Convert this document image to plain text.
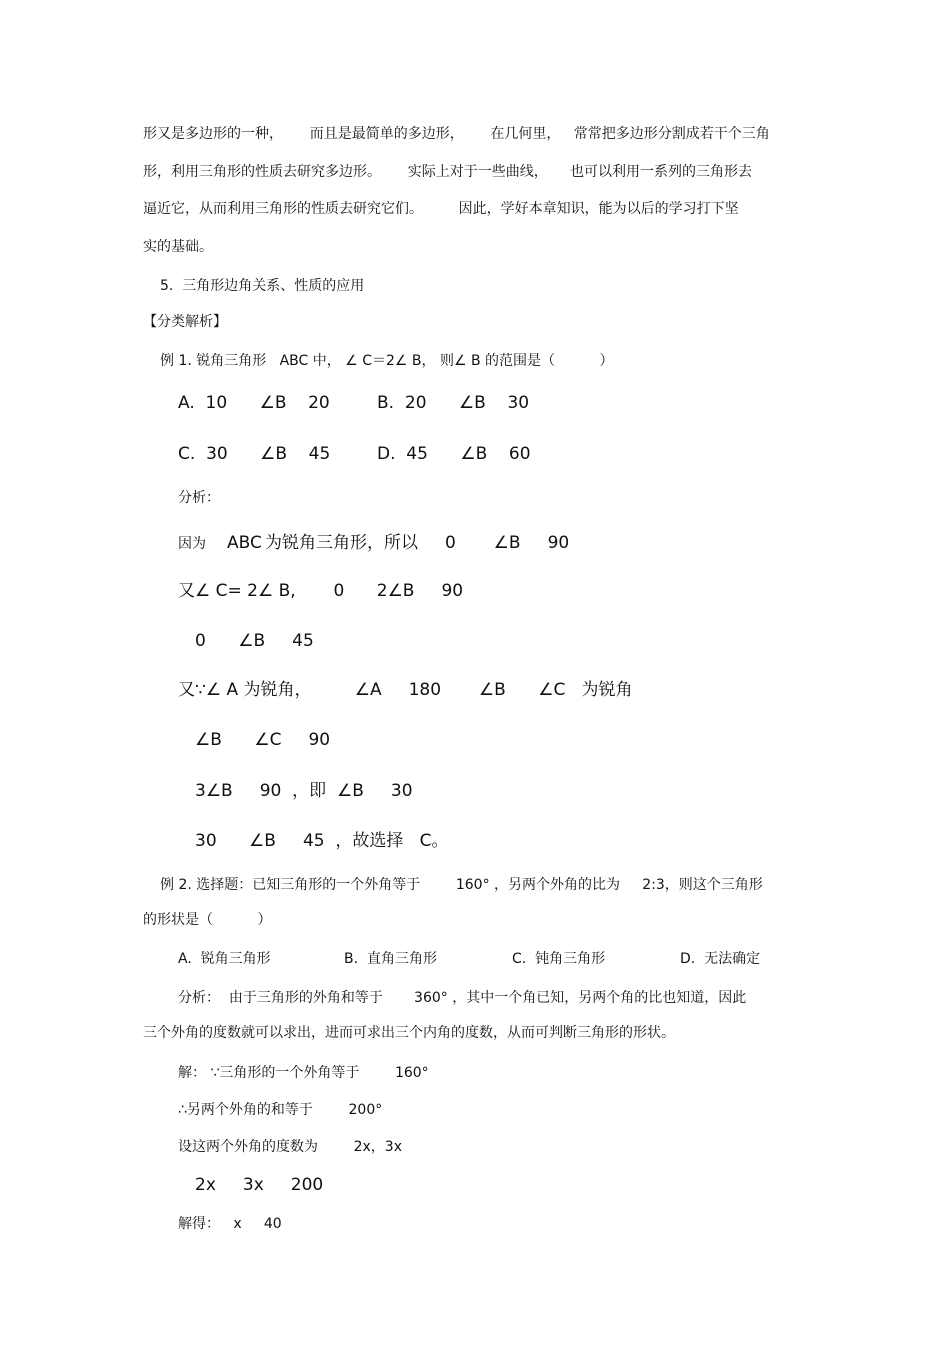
形又是多边形的一种，      而且是最简单的多边形，      在几何里，   常常把多边形分割成若干个三角
形，利用三角形的性质去研究多边形。      实际上对于一些曲线，     也可以利用一系列的三角形去
逼近它，从而利用三角形的性质去研究它们。        因此，学好本章知识，能为以后的学习打下坚
实的基础。
5.  三角形边角关系、性质的应用
【分类解析】
例 1. 锐角三角形   ABC 中， ∠ C＝2∠ B， 则∠ B 的范围是（          ）
A.  10      ∠B    20	B.  20      ∠B    30
C.  30      ∠B    45	D.  45      ∠B    60
分析：
因为 ABC 为锐角三角形，所以     0       ∠B     90
又∠ C= 2∠ B,       0      2∠B     90
0      ∠B     45
又∵∠ A 为锐角，        ∠A     180       ∠B      ∠C   为锐角
∠B      ∠C     90
3∠B     90  ，即  ∠B     30
30      ∠B     45  ，故选择   C。
例 2. 选择题：已知三角形的一个外角等于        160° ，另两个外角的比为     2:3，则这个三角形
的形状是（          ）
A.  锐角三角形	B.  直角三角形	C.  钝角三角形	D.  无法确定
分析：  由于三角形的外角和等于       360° ，其中一个角已知，另两个角的比也知道，因此
三个外角的度数就可以求出，进而可求出三个内角的度数，从而可判断三角形的形状。
解： ∵三角形的一个外角等于        160°
∴另两个外角的和等于        200°
设这两个外角的度数为        2x，3x
2x     3x     200
解得：   x     40
